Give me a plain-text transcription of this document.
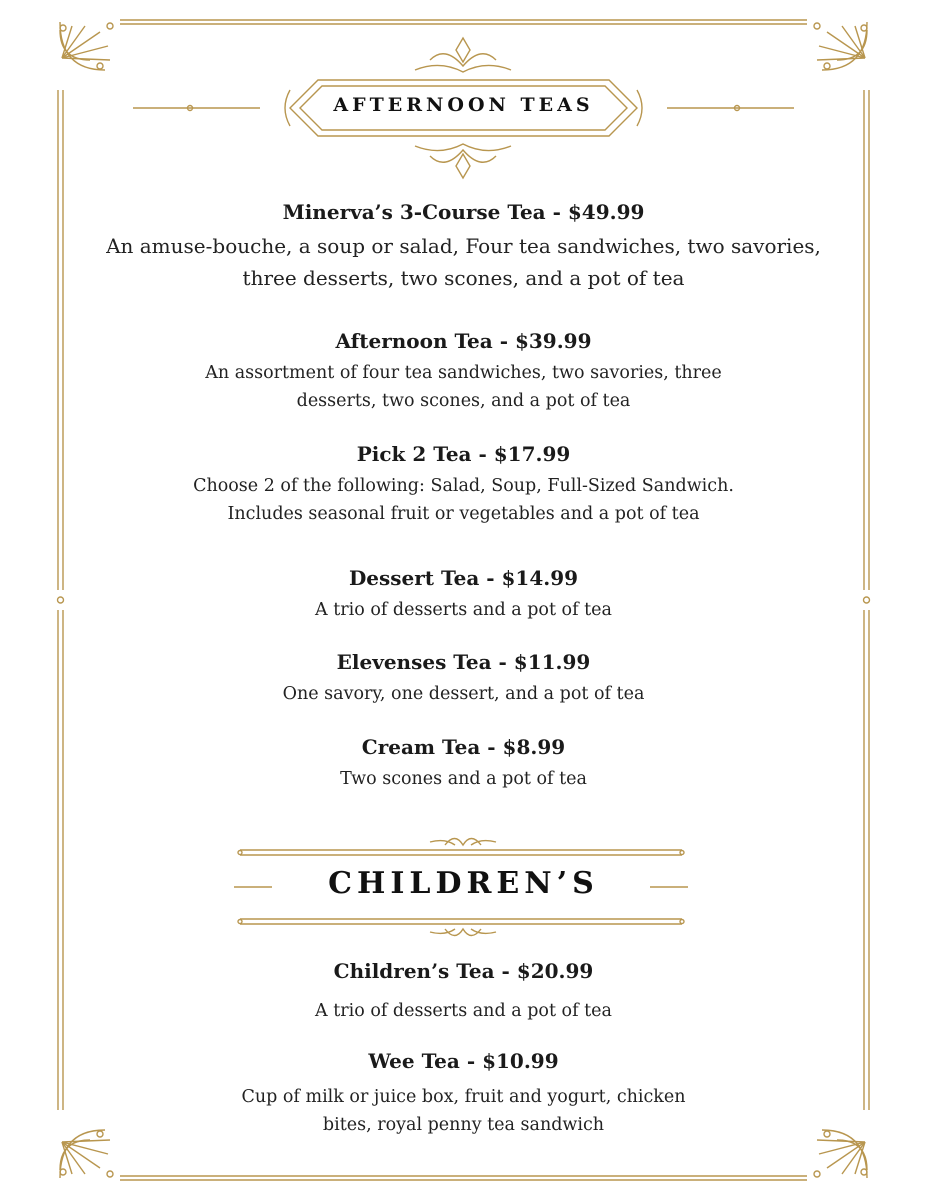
AFTERNOON TEAS

Minerva’s 3-Course Tea - $49.99

An amuse-bouche, a soup or salad, Four tea sandwiches, two savories,
three desserts, two scones, and a pot of tea

Afternoon Tea - $39.99

An assortment of four tea sandwiches, two savories, three
desserts, two scones, and a pot of tea

Pick 2 Tea - $17.99

Choose 2 of the following: Salad, Soup, Full-Sized Sandwich.
Includes seasonal fruit or vegetables and a pot of tea

Dessert Tea - $14.99

A trio of desserts and a pot of tea

Elevenses Tea - $11.99

One savory, one dessert, and a pot of tea

Cream Tea - $8.99

Two scones and a pot of tea

CHILDREN’S

Children’s Tea - $20.99

A trio of desserts and a pot of tea

Wee Tea - $10.99

Cup of milk or juice box, fruit and yogurt, chicken
bites, royal penny tea sandwich
